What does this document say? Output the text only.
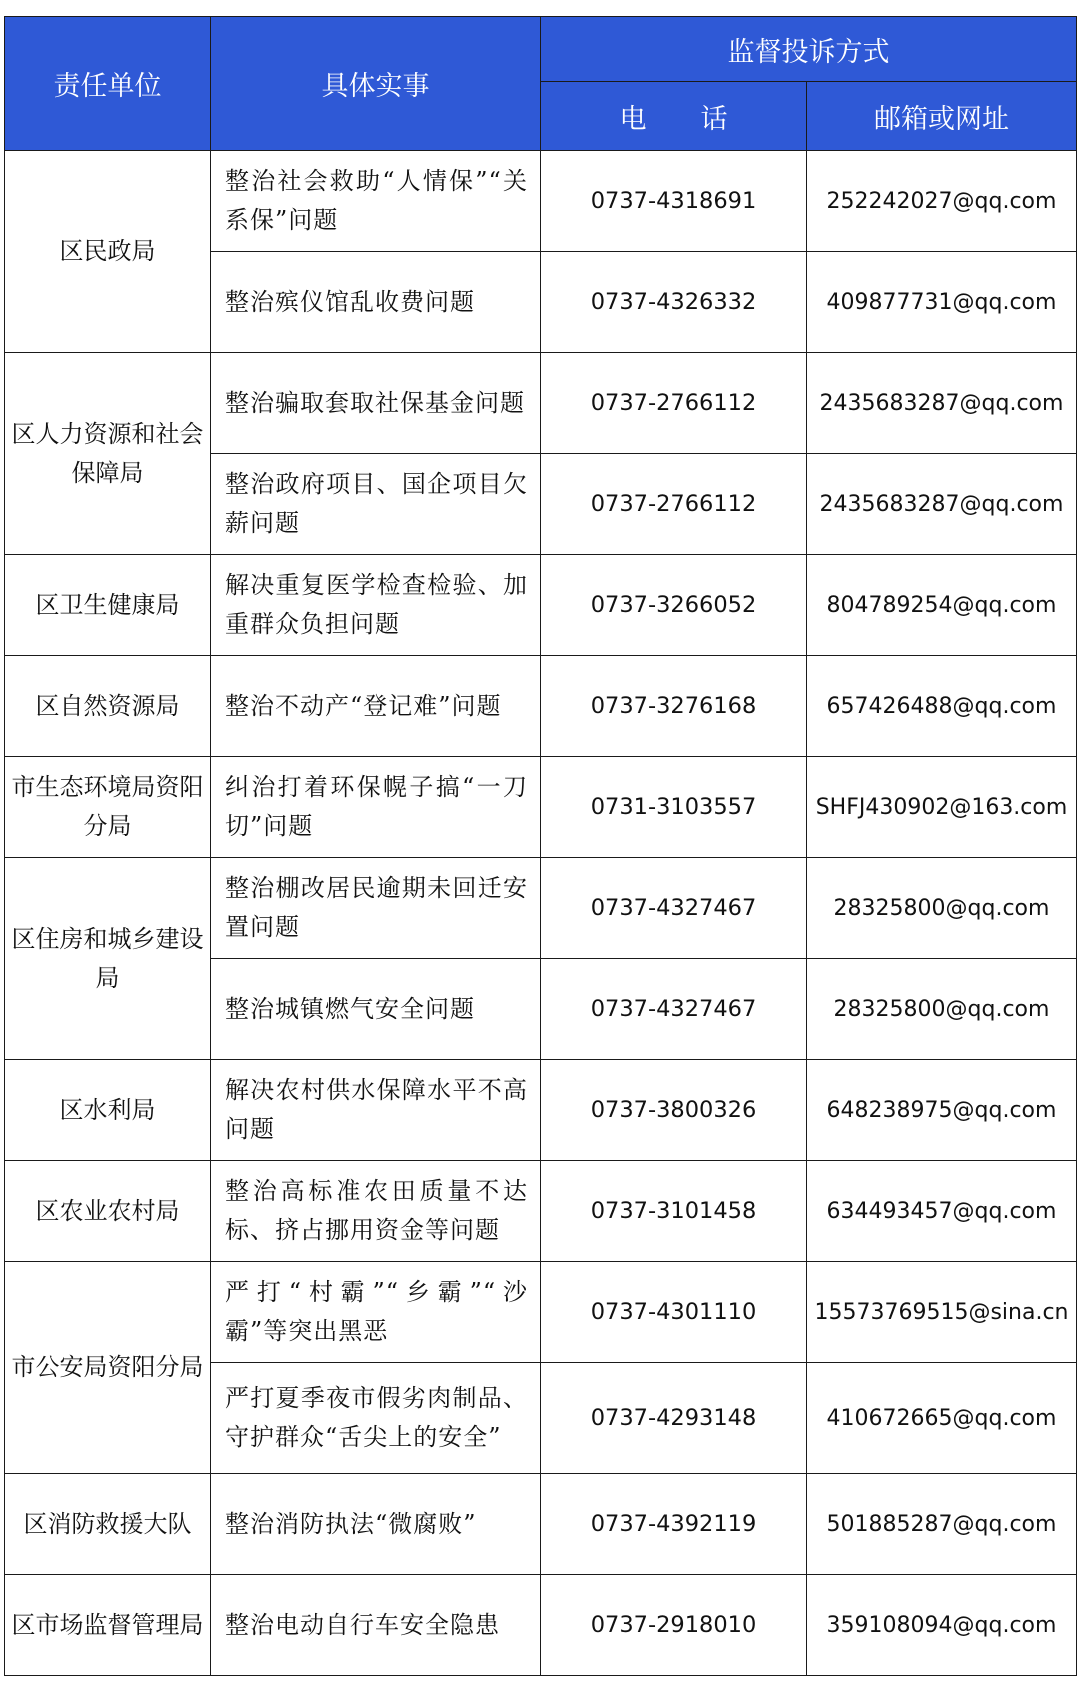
责任单位	具体实事	监督投诉方式	
		电　　话	邮箱或网址
区民政局	整治社会救助“人情保”“关系保”问题	0737-4318691	252242027@qq.com
	整治殡仪馆乱收费问题	0737-4326332	409877731@qq.com
区人力资源和社会保障局	整治骗取套取社保基金问题	0737-2766112	2435683287@qq.com
	整治政府项目、国企项目欠薪问题	0737-2766112	2435683287@qq.com
区卫生健康局	解决重复医学检查检验、加重群众负担问题	0737-3266052	804789254@qq.com
区自然资源局	整治不动产“登记难”问题	0737-3276168	657426488@qq.com
市生态环境局资阳分局	纠治打着环保幌子搞“一刀切”问题	0731-3103557	SHFJ430902@163.com
区住房和城乡建设局	整治棚改居民逾期未回迁安置问题	0737-4327467	28325800@qq.com
	整治城镇燃气安全问题	0737-4327467	28325800@qq.com
区水利局	解决农村供水保障水平不高问题	0737-3800326	648238975@qq.com
区农业农村局	整治高标准农田质量不达标、挤占挪用资金等问题	0737-3101458	634493457@qq.com
市公安局资阳分局	严打“村霸”“乡霸”“沙霸”等突出黑恶	0737-4301110	15573769515@sina.cn
	严打夏季夜市假劣肉制品、守护群众“舌尖上的安全”	0737-4293148	410672665@qq.com
区消防救援大队	整治消防执法“微腐败”	0737-4392119	501885287@qq.com
区市场监督管理局	整治电动自行车安全隐患	0737-2918010	359108094@qq.com
